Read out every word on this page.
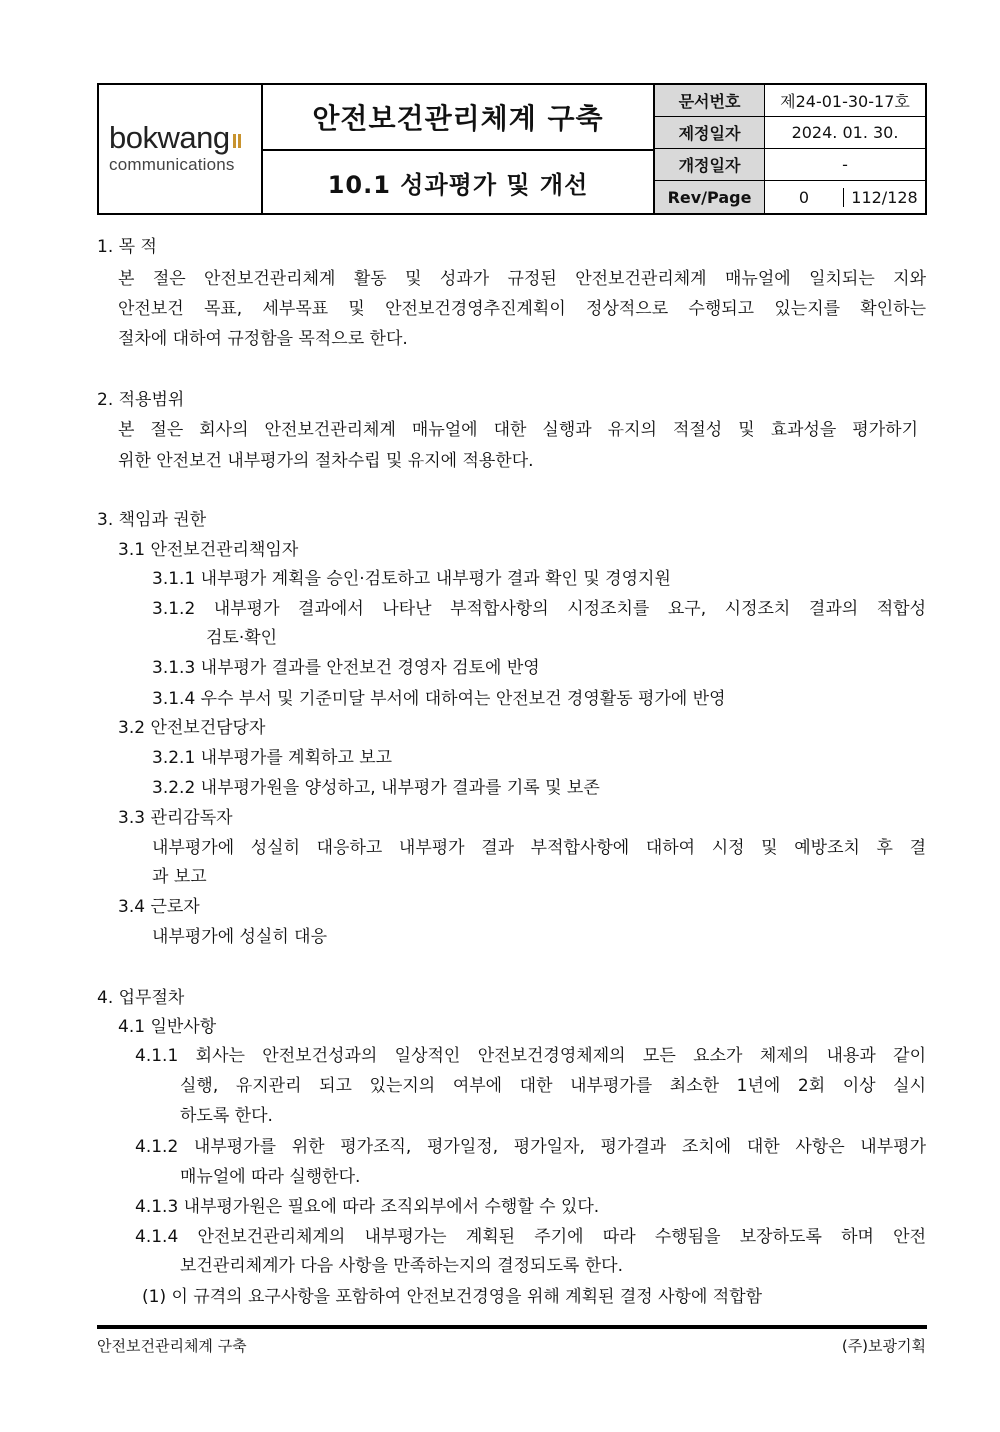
bokwang
communications
안전보건관리체계 구축
10.1 성과평가 및 개선
문서번호	제24-01-30-17호
제정일자	2024. 01. 30.
개정일자	-
Rev/Page	0	112/128
1. 목 적
본 절은 안전보건관리체계 활동 및 성과가 규정된 안전보건관리체계 매뉴얼에 일치되는 지와
안전보건 목표, 세부목표 및 안전보건경영추진계획이 정상적으로 수행되고 있는지를 확인하는
절차에 대하여 규정함을 목적으로 한다.
2. 적용범위
본 절은 회사의 안전보건관리체계 매뉴얼에 대한 실행과 유지의 적절성 및 효과성을 평가하기
위한 안전보건 내부평가의 절차수립 및 유지에 적용한다.
3. 책임과 권한
3.1 안전보건관리책임자
3.1.1 내부평가 계획을 승인·검토하고 내부평가 결과 확인 및 경영지원
3.1.2 내부평가 결과에서 나타난 부적합사항의 시정조치를 요구, 시정조치 결과의 적합성
검토·확인
3.1.3 내부평가 결과를 안전보건 경영자 검토에 반영
3.1.4 우수 부서 및 기준미달 부서에 대하여는 안전보건 경영활동 평가에 반영
3.2 안전보건담당자
3.2.1 내부평가를 계획하고 보고
3.2.2 내부평가원을 양성하고, 내부평가 결과를 기록 및 보존
3.3 관리감독자
내부평가에 성실히 대응하고 내부평가 결과 부적합사항에 대하여 시정 및 예방조치 후 결
과 보고
3.4 근로자
내부평가에 성실히 대응
4. 업무절차
4.1 일반사항
4.1.1 회사는 안전보건성과의 일상적인 안전보건경영체제의 모든 요소가 체제의 내용과 같이
실행, 유지관리 되고 있는지의 여부에 대한 내부평가를 최소한 1년에 2회 이상 실시
하도록 한다.
4.1.2 내부평가를 위한 평가조직, 평가일정, 평가일자, 평가결과 조치에 대한 사항은 내부평가
매뉴얼에 따라 실행한다.
4.1.3 내부평가원은 필요에 따라 조직외부에서 수행할 수 있다.
4.1.4 안전보건관리체계의 내부평가는 계획된 주기에 따라 수행됨을 보장하도록 하며 안전
보건관리체계가 다음 사항을 만족하는지의 결정되도록 한다.
(1) 이 규격의 요구사항을 포함하여 안전보건경영을 위해 계획된 결정 사항에 적합함
안전보건관리체계 구축	(주)보광기획
